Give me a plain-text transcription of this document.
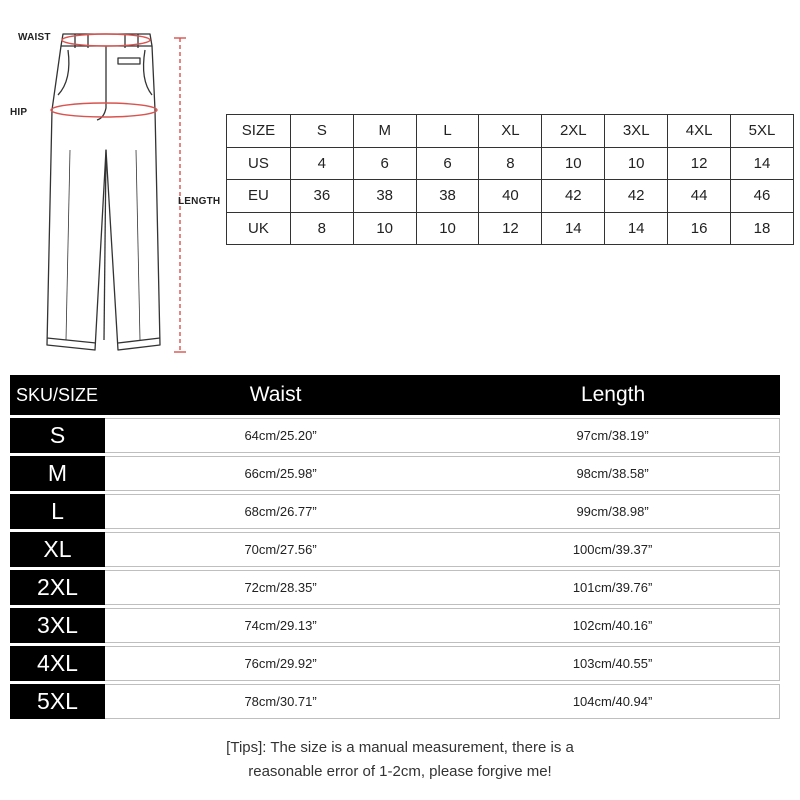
WAIST
HIP
LENGTH
SIZE	S	M	L	XL	2XL	3XL	4XL	5XL
US	4	6	6	8	10	10	12	14
EU	36	38	38	40	42	42	44	46
UK	8	10	10	12	14	14	16	18
SKU/SIZE	Waist	Length
S	64cm/25.20”	97cm/38.19”
M	66cm/25.98”	98cm/38.58”
L	68cm/26.77”	99cm/38.98”
XL	70cm/27.56”	100cm/39.37”
2XL	72cm/28.35”	101cm/39.76”
3XL	74cm/29.13”	102cm/40.16”
4XL	76cm/29.92”	103cm/40.55”
5XL	78cm/30.71”	104cm/40.94”
[Tips]: The size is a manual measurement, there is a
reasonable error of 1-2cm, please forgive me!
